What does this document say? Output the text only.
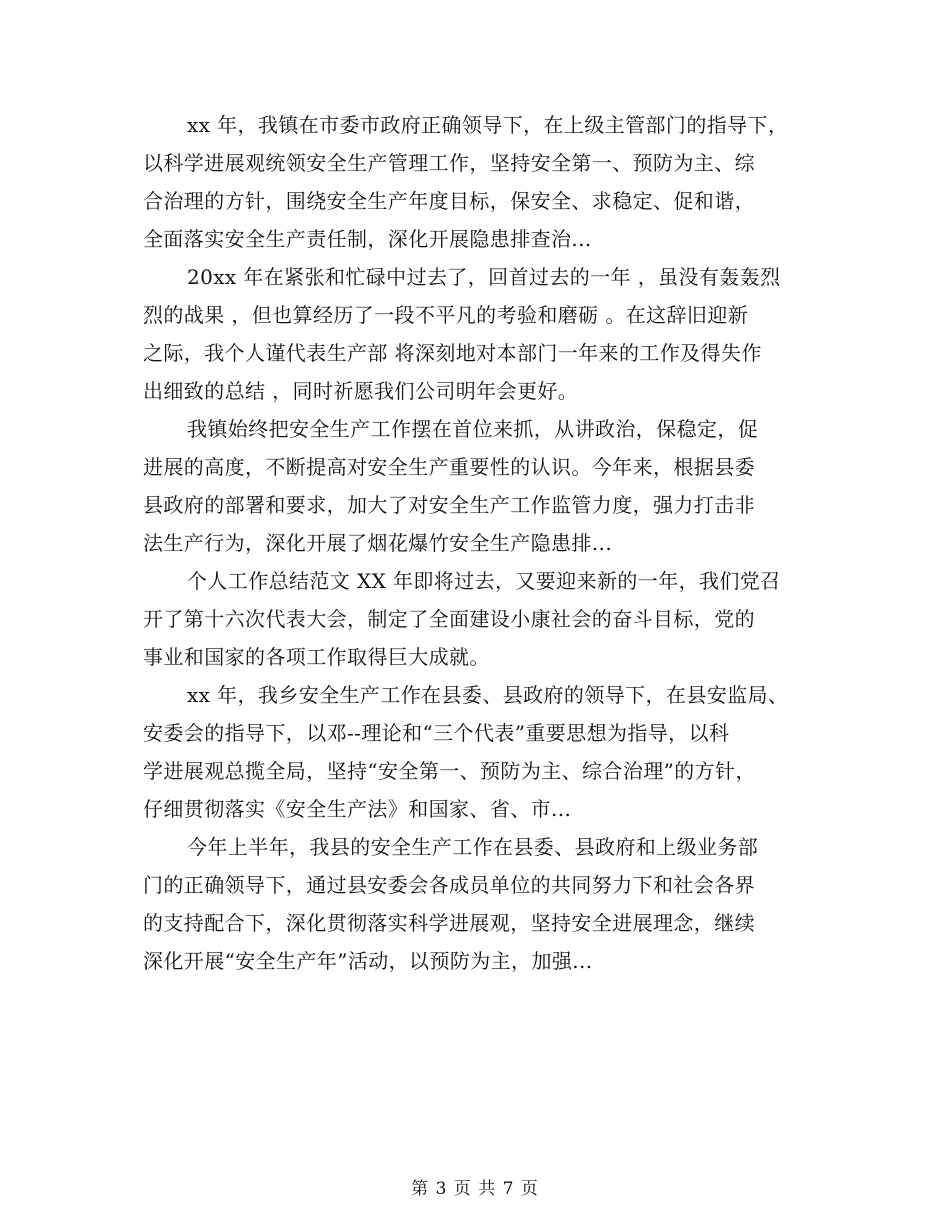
xx 年，我镇在市委市政府正确领导下，在上级主管部门的指导下，
以科学进展观统领安全生产管理工作，坚持安全第一、预防为主、综
合治理的方针，围绕安全生产年度目标，保安全、求稳定、促和谐，
全面落实安全生产责任制，深化开展隐患排查治...
20xx 年在紧张和忙碌中过去了，回首过去的一年 ，虽没有轰轰烈
烈的战果 ，但也算经历了一段不平凡的考验和磨砺 。在这辞旧迎新
之际，我个人谨代表生产部 将深刻地对本部门一年来的工作及得失作
出细致的总结 ，同时祈愿我们公司明年会更好。
我镇始终把安全生产工作摆在首位来抓，从讲政治，保稳定，促
进展的高度，不断提高对安全生产重要性的认识。今年来，根据县委
县政府的部署和要求，加大了对安全生产工作监管力度，强力打击非
法生产行为，深化开展了烟花爆竹安全生产隐患排...
个人工作总结范文 XX 年即将过去，又要迎来新的一年，我们党召
开了第十六次代表大会，制定了全面建设小康社会的奋斗目标，党的
事业和国家的各项工作取得巨大成就。
xx 年，我乡安全生产工作在县委、县政府的领导下，在县安监局、
安委会的指导下，以邓--理论和“三个代表”重要思想为指导，以科
学进展观总揽全局，坚持“安全第一、预防为主、综合治理”的方针，
仔细贯彻落实《安全生产法》和国家、省、市...
今年上半年，我县的安全生产工作在县委、县政府和上级业务部
门的正确领导下，通过县安委会各成员单位的共同努力下和社会各界
的支持配合下，深化贯彻落实科学进展观，坚持安全进展理念，继续
深化开展“安全生产年”活动，以预防为主，加强...
第 3 页 共 7 页
